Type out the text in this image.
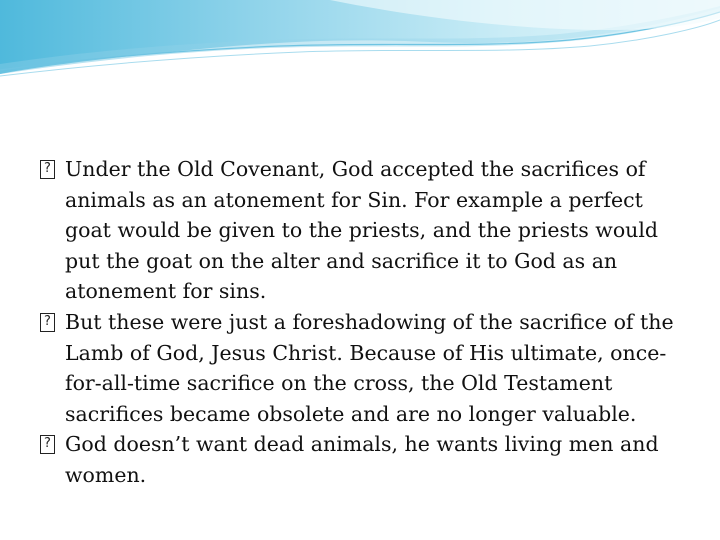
? Under the Old Covenant, God accepted the sacrifices of animals as an atonement for Sin. For example a perfect goat would be given to the priests, and the priests would put the goat on the alter and sacrifice it to God as an atonement for sins.
? But these were just a foreshadowing of the sacrifice of the Lamb of God, Jesus Christ. Because of His ultimate, once-for-all-time sacrifice on the cross, the Old Testament sacrifices became obsolete and are no longer valuable.
? God doesn’t want dead animals, he wants living men and women.
